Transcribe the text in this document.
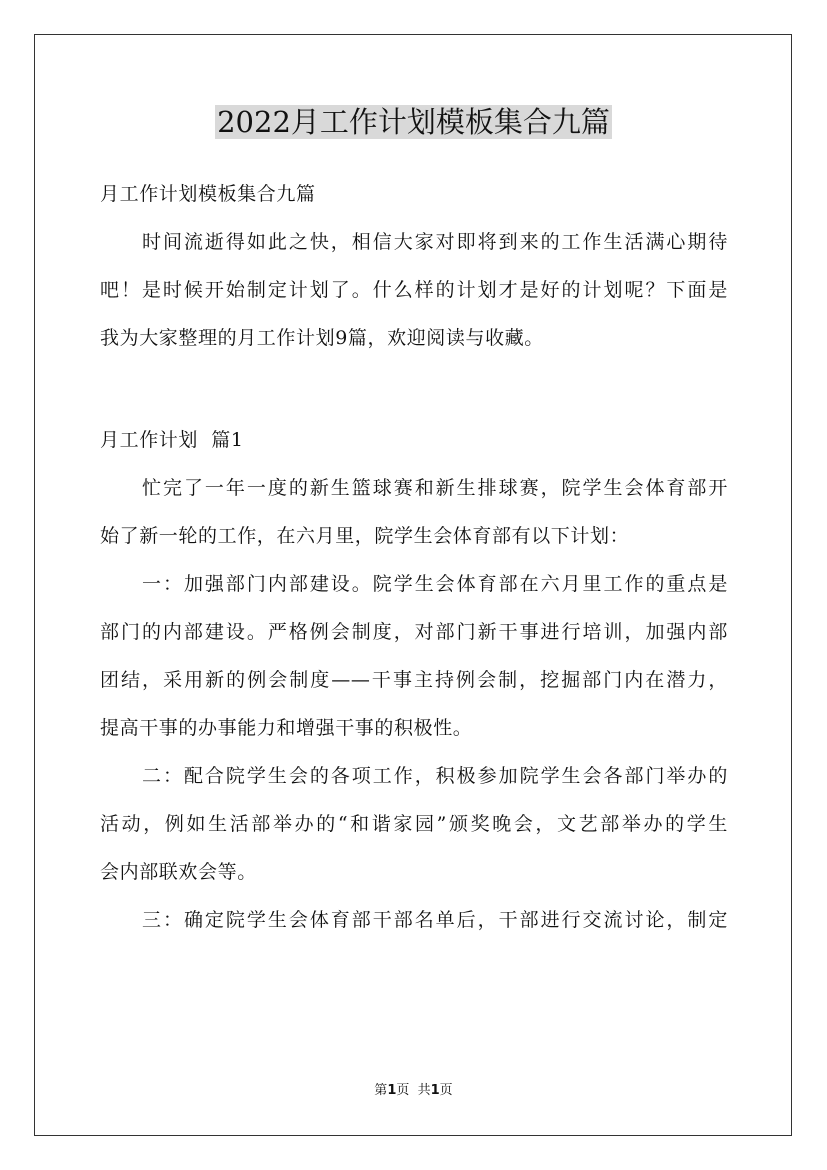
2022月工作计划模板集合九篇

月工作计划模板集合九篇

时间流逝得如此之快，相信大家对即将到来的工作生活满心期待

吧！是时候开始制定计划了。什么样的计划才是好的计划呢？下面是

我为大家整理的月工作计划9篇，欢迎阅读与收藏。

月工作计划  篇1

忙完了一年一度的新生篮球赛和新生排球赛，院学生会体育部开

始了新一轮的工作，在六月里，院学生会体育部有以下计划：

一：加强部门内部建设。院学生会体育部在六月里工作的重点是

部门的内部建设。严格例会制度，对部门新干事进行培训，加强内部

团结，采用新的例会制度——干事主持例会制，挖掘部门内在潜力，

提高干事的办事能力和增强干事的积极性。

二：配合院学生会的各项工作，积极参加院学生会各部门举办的

活动，例如生活部举办的“和谐家园”颁奖晚会，文艺部举办的学生

会内部联欢会等。

三：确定院学生会体育部干部名单后，干部进行交流讨论，制定

第1页  共1页
